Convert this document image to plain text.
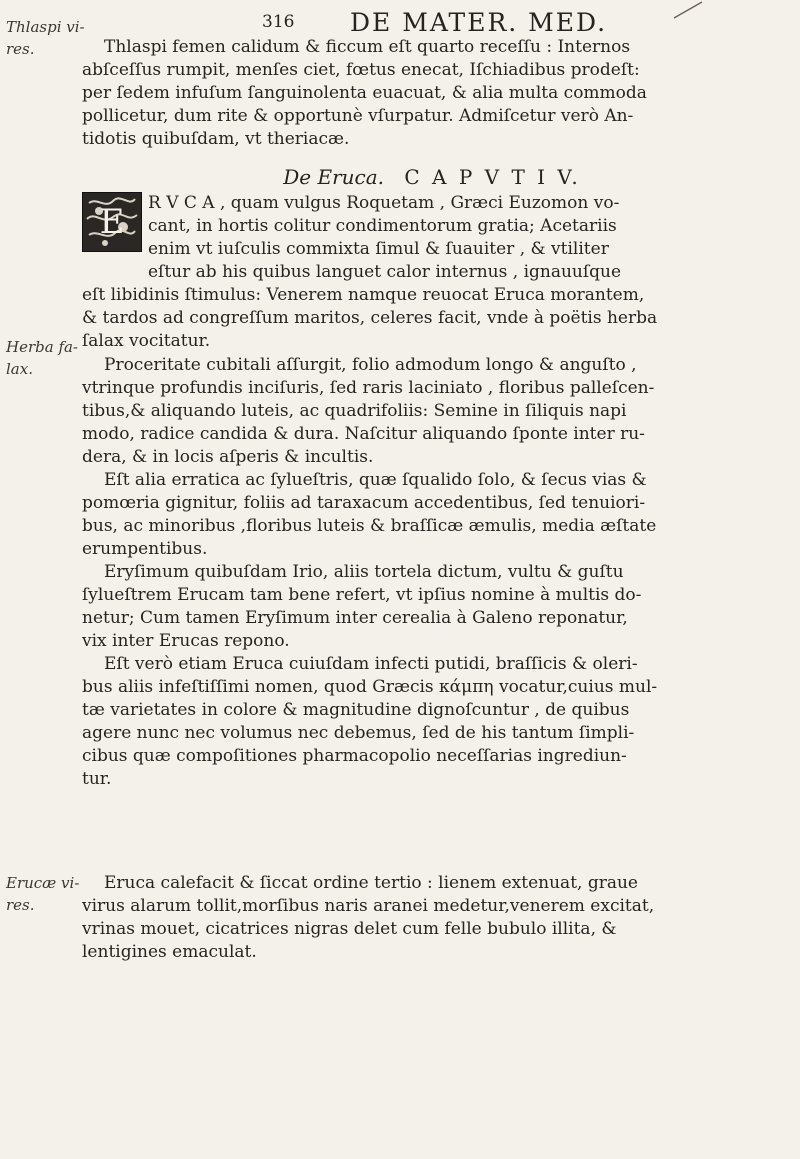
316 DE MATER. MED.
Thlaspi vi-
res.
Herba fa-
lax.
Erucæ vi-
res.
Thlaspi femen calidum & ficcum eſt quarto receſſu : Internos
abſceſſus rumpit, menſes ciet, fœtus enecat, Iſchiadibus prodeſt:
per ſedem infuſum ſanguinolenta euacuat, & alia multa commoda
pollicetur, dum rite & opportunè vſurpatur. Admiſcetur verò An-
tidotis quibuſdam, vt theriacæ.
De Eruca. C A P V T I V.
E	R V C A , quam vulgus Roquetam , Græci Euzomon vo-
cant, in hortis colitur condimentorum gratia; Acetariis
enim vt iuſculis commixta ſimul & ſuauiter , & vtiliter
eſtur ab his quibus languet calor internus , ignauuſque
eſt libidinis ſtimulus: Venerem namque reuocat Eruca morantem,
& tardos ad congreſſum maritos, celeres facit, vnde à poëtis herba
ſalax vocitatur.
Proceritate cubitali aſſurgit, folio admodum longo & anguſto ,
vtrinque profundis inciſuris, ſed raris laciniato , floribus palleſcen-
tibus,& aliquando luteis, ac quadrifoliis: Semine in ſiliquis napi
modo, radice candida & dura. Naſcitur aliquando ſponte inter ru-
dera, & in locis aſperis & incultis.
Eſt alia erratica ac ſylueſtris, quæ ſqualido ſolo, & ſecus vias &
pomœria gignitur, foliis ad taraxacum accedentibus, ſed tenuiori-
bus, ac minoribus ,floribus luteis & braſſicæ æmulis, media æſtate
erumpentibus.
Eryſimum quibuſdam Irio, aliis tortela dictum, vultu & guſtu
ſylueſtrem Erucam tam bene refert, vt ipſius nomine à multis do-
netur; Cum tamen Eryſimum inter cerealia à Galeno reponatur,
vix inter Erucas repono.
Eſt verò etiam Eruca cuiuſdam infecti putidi, braſſicis & oleri-
bus aliis infeſtiſſimi nomen, quod Græcis κάμπη vocatur,cuius mul-
tæ varietates in colore & magnitudine dignoſcuntur , de quibus
agere nunc nec volumus nec debemus, ſed de his tantum ſimpli-
cibus quæ compoſitiones pharmacopolio neceſſarias ingrediun-
tur.
Eruca calefacit & ſiccat ordine tertio : lienem extenuat, graue
virus alarum tollit,morſibus naris aranei medetur,venerem excitat,
vrinas mouet, cicatrices nigras delet cum felle bubulo illita, &
lentigines emaculat.
